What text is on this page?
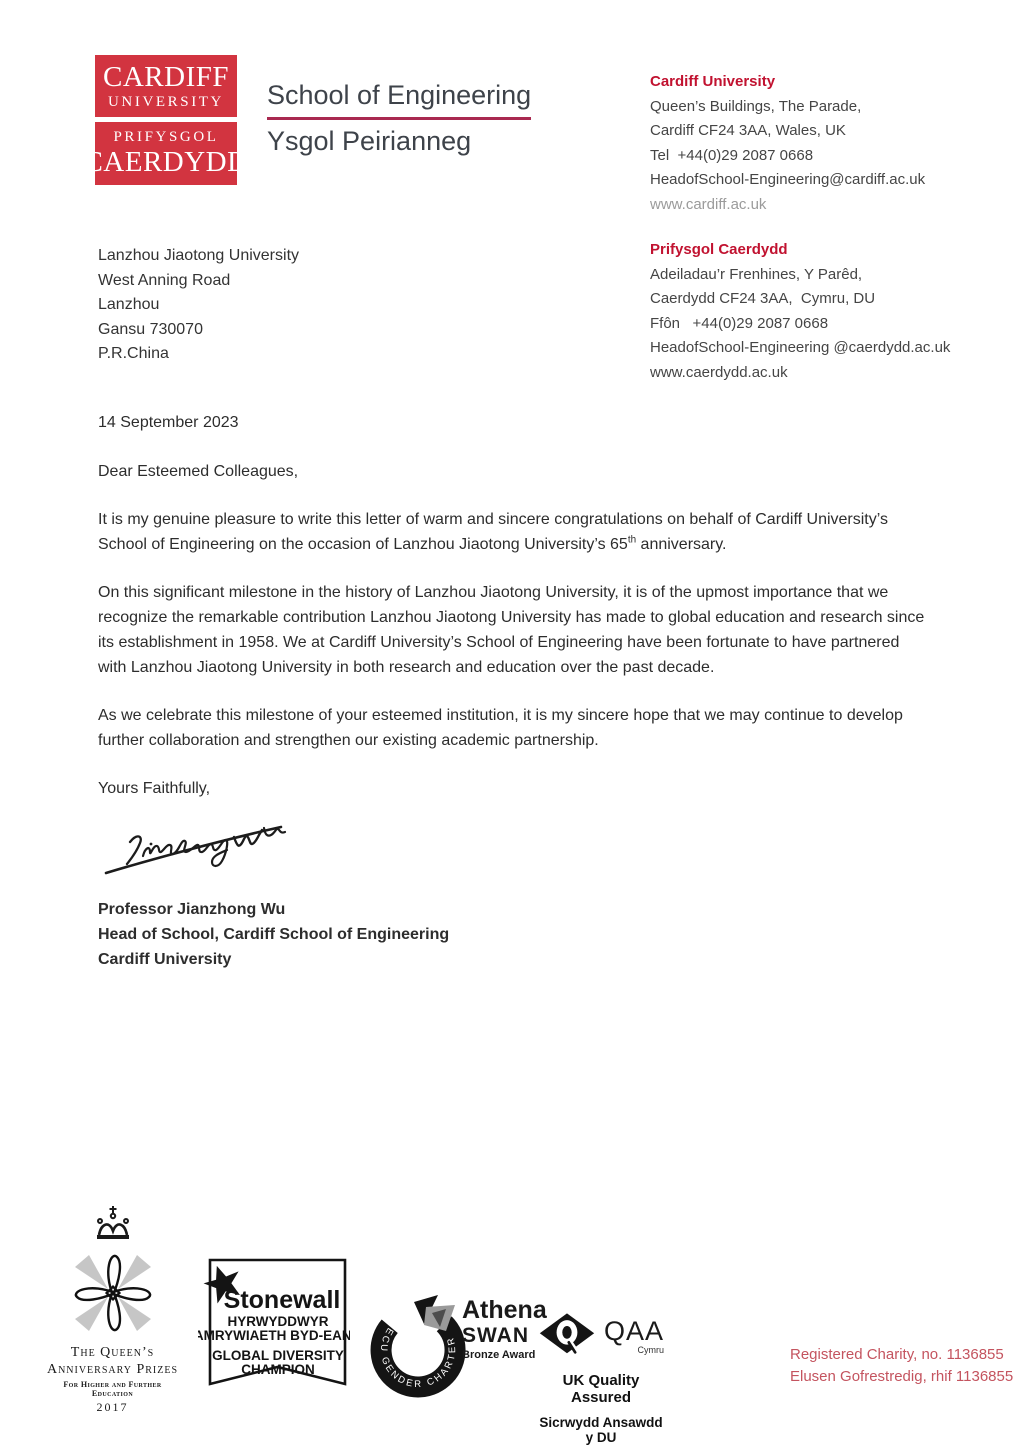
CARDIFF
UNIVERSITY
PRIFYSGOL
CAERDYDD
School of Engineering
Ysgol Peirianneg
Cardiff University
Queen’s Buildings, The Parade,
Cardiff CF24 3AA, Wales, UK
Tel  +44(0)29 2087 0668
HeadofSchool-Engineering@cardiff.ac.uk
www.cardiff.ac.uk
Prifysgol Caerdydd
Adeiladau’r Frenhines, Y Parêd,
Caerdydd CF24 3AA,  Cymru, DU
Ffôn   +44(0)29 2087 0668
HeadofSchool-Engineering @caerdydd.ac.uk
www.caerdydd.ac.uk
Lanzhou Jiaotong University
West Anning Road
Lanzhou
Gansu 730070
P.R.China
14 September 2023
Dear Esteemed Colleagues,

It is my genuine pleasure to write this letter of warm and sincere congratulations on behalf of Cardiff University’s School of Engineering on the occasion of Lanzhou Jiaotong University’s 65th anniversary.

On this significant milestone in the history of Lanzhou Jiaotong University, it is of the upmost importance that we recognize the remarkable contribution Lanzhou Jiaotong University has made to global education and research since its establishment in 1958. We at Cardiff University’s School of Engineering have been fortunate to have partnered with Lanzhou Jiaotong University in both research and education over the past decade.

As we celebrate this milestone of your esteemed institution, it is my sincere hope that we may continue to develop further collaboration and strengthen our existing academic partnership.

Yours Faithfully,
Professor Jianzhong Wu
Head of School, Cardiff School of Engineering
Cardiff University

The Queen’s
Anniversary Prizes
For Higher and Further Education
2017
Stonewall
HYRWYDDWYR
AMRYWIAETH BYD-EANG
GLOBAL DIVERSITY
CHAMPION
ECU GENDER CHARTER
Athena
SWAN
Bronze Award
QAA
Cymru
UK Quality Assured
Sicrwydd Ansawdd y DU
Registered Charity, no. 1136855
Elusen Gofrestredig, rhif 1136855
